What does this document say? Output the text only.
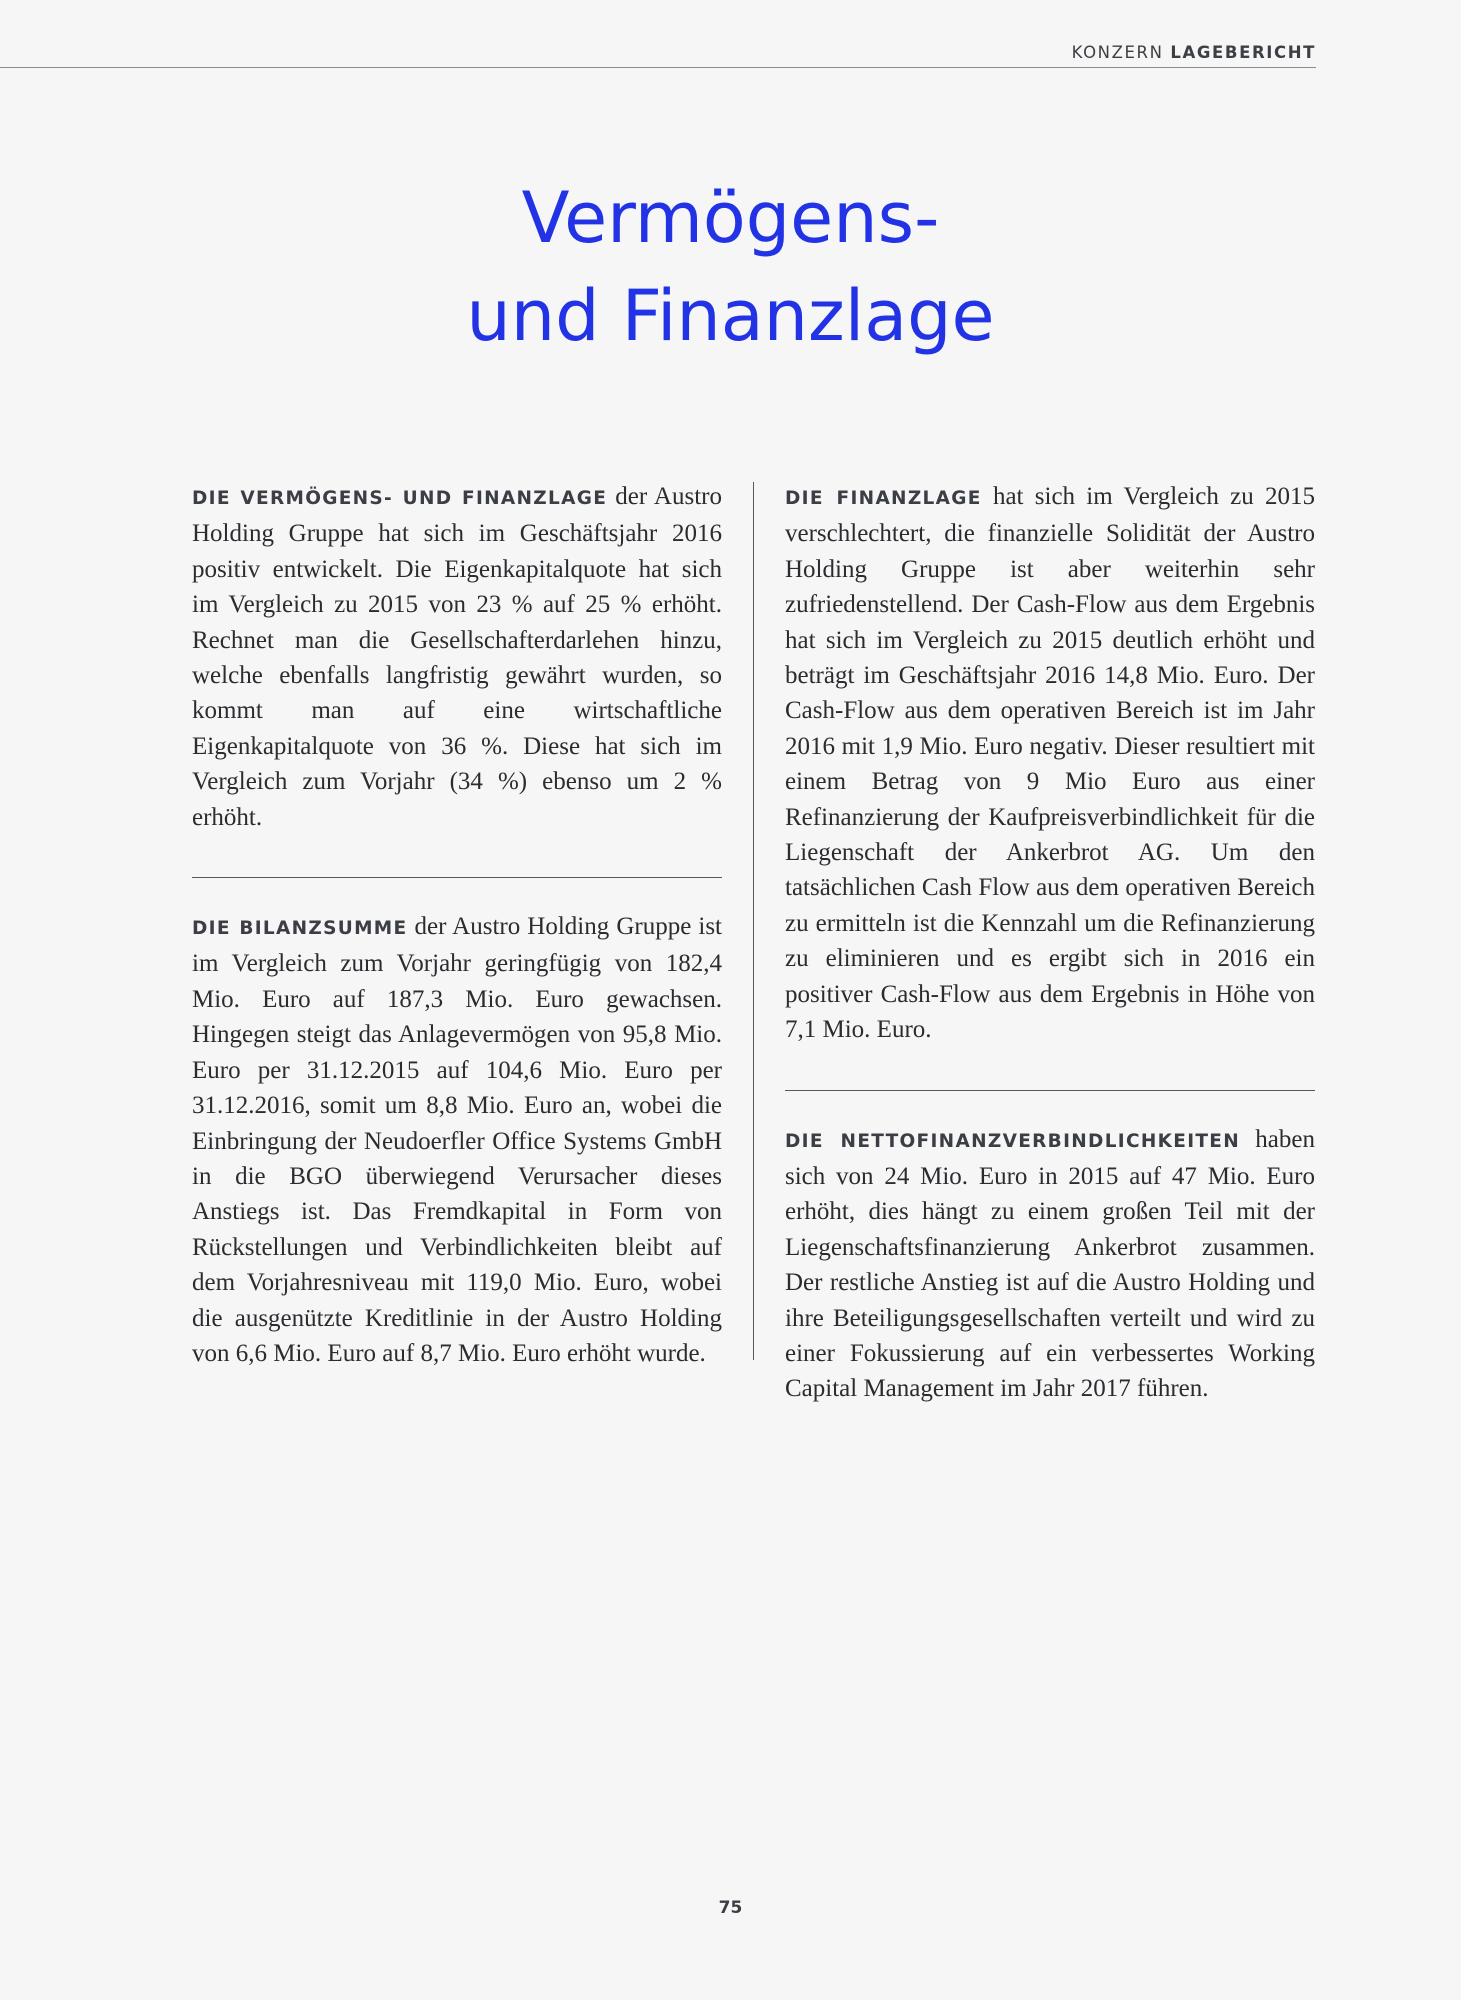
KONZERN LAGEBERICHT
Vermögens-
und Finanzlage

DIE VERMÖGENS- UND FINANZLAGE der Austro Holding Gruppe hat sich im Geschäftsjahr 2016 positiv entwickelt. Die Eigenkapitalquote hat sich im Vergleich zu 2015 von 23 % auf 25 % erhöht. Rechnet man die Gesellschafterdarlehen hinzu, welche ebenfalls langfristig gewährt wurden, so kommt man auf eine wirtschaftliche Eigenkapitalquote von 36 %. Diese hat sich im Vergleich zum Vorjahr (34 %) ebenso um 2 % erhöht.

DIE BILANZSUMME der Austro Holding Gruppe ist im Vergleich zum Vorjahr geringfügig von 182,4 Mio. Euro auf 187,3 Mio. Euro gewachsen. Hingegen steigt das Anlagevermögen von 95,8 Mio. Euro per 31.12.2015 auf 104,6 Mio. Euro per 31.12.2016, somit um 8,8 Mio. Euro an, wobei die Einbringung der Neudoerfler Office Systems GmbH in die BGO überwiegend Verursacher dieses Anstiegs ist. Das Fremdkapital in Form von Rückstellungen und Verbindlichkeiten bleibt auf dem Vorjahresniveau mit 119,0 Mio. Euro, wobei die ausgenützte Kreditlinie in der Austro Holding von 6,6 Mio. Euro auf 8,7 Mio. Euro erhöht wurde.

DIE FINANZLAGE hat sich im Vergleich zu 2015 verschlechtert, die finanzielle Solidität der Austro Holding Gruppe ist aber weiterhin sehr zufriedenstellend. Der Cash-Flow aus dem Ergebnis hat sich im Vergleich zu 2015 deutlich erhöht und beträgt im Geschäftsjahr 2016 14,8 Mio. Euro. Der Cash-Flow aus dem operativen Bereich ist im Jahr 2016 mit 1,9 Mio. Euro negativ. Dieser resultiert mit einem Betrag von 9 Mio Euro aus einer Refinanzierung der Kaufpreisverbindlichkeit für die Liegenschaft der Ankerbrot AG. Um den tatsächlichen Cash Flow aus dem operativen Bereich zu ermitteln ist die Kennzahl um die Refinanzierung zu eliminieren und es ergibt sich in 2016 ein positiver Cash-Flow aus dem Ergebnis in Höhe von 7,1 Mio. Euro.

DIE NETTOFINANZVERBINDLICHKEITEN haben sich von 24 Mio. Euro in 2015 auf 47 Mio. Euro erhöht, dies hängt zu einem großen Teil mit der Liegenschaftsfinanzierung Ankerbrot zusammen. Der restliche Anstieg ist auf die Austro Holding und ihre Beteiligungsgesellschaften verteilt und wird zu einer Fokussierung auf ein verbessertes Working Capital Management im Jahr 2017 führen.

75
